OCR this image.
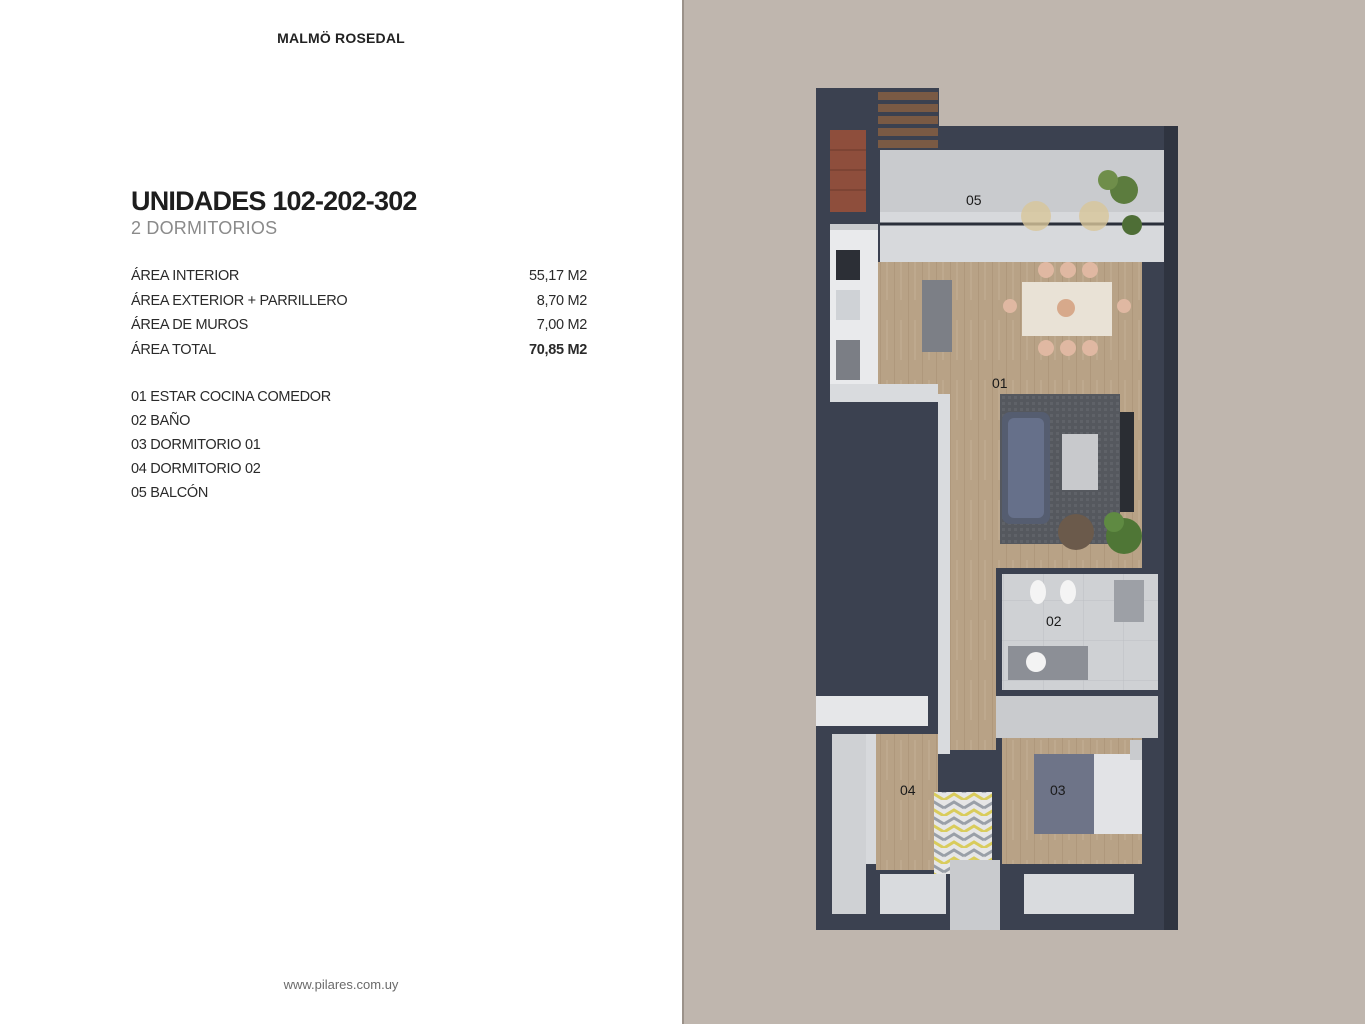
MALMÖ ROSEDAL
UNIDADES 102-202-302
2 DORMITORIOS
ÁREA INTERIOR	55,17 M2
ÁREA EXTERIOR + PARRILLERO	8,70 M2
ÁREA DE MUROS	7,00 M2
ÁREA TOTAL	70,85 M2
01 ESTAR COCINA COMEDOR
02 BAÑO
03 DORMITORIO 01
04 DORMITORIO 02
05 BALCÓN
www.pilares.com.uy
05
01
02
03
04
